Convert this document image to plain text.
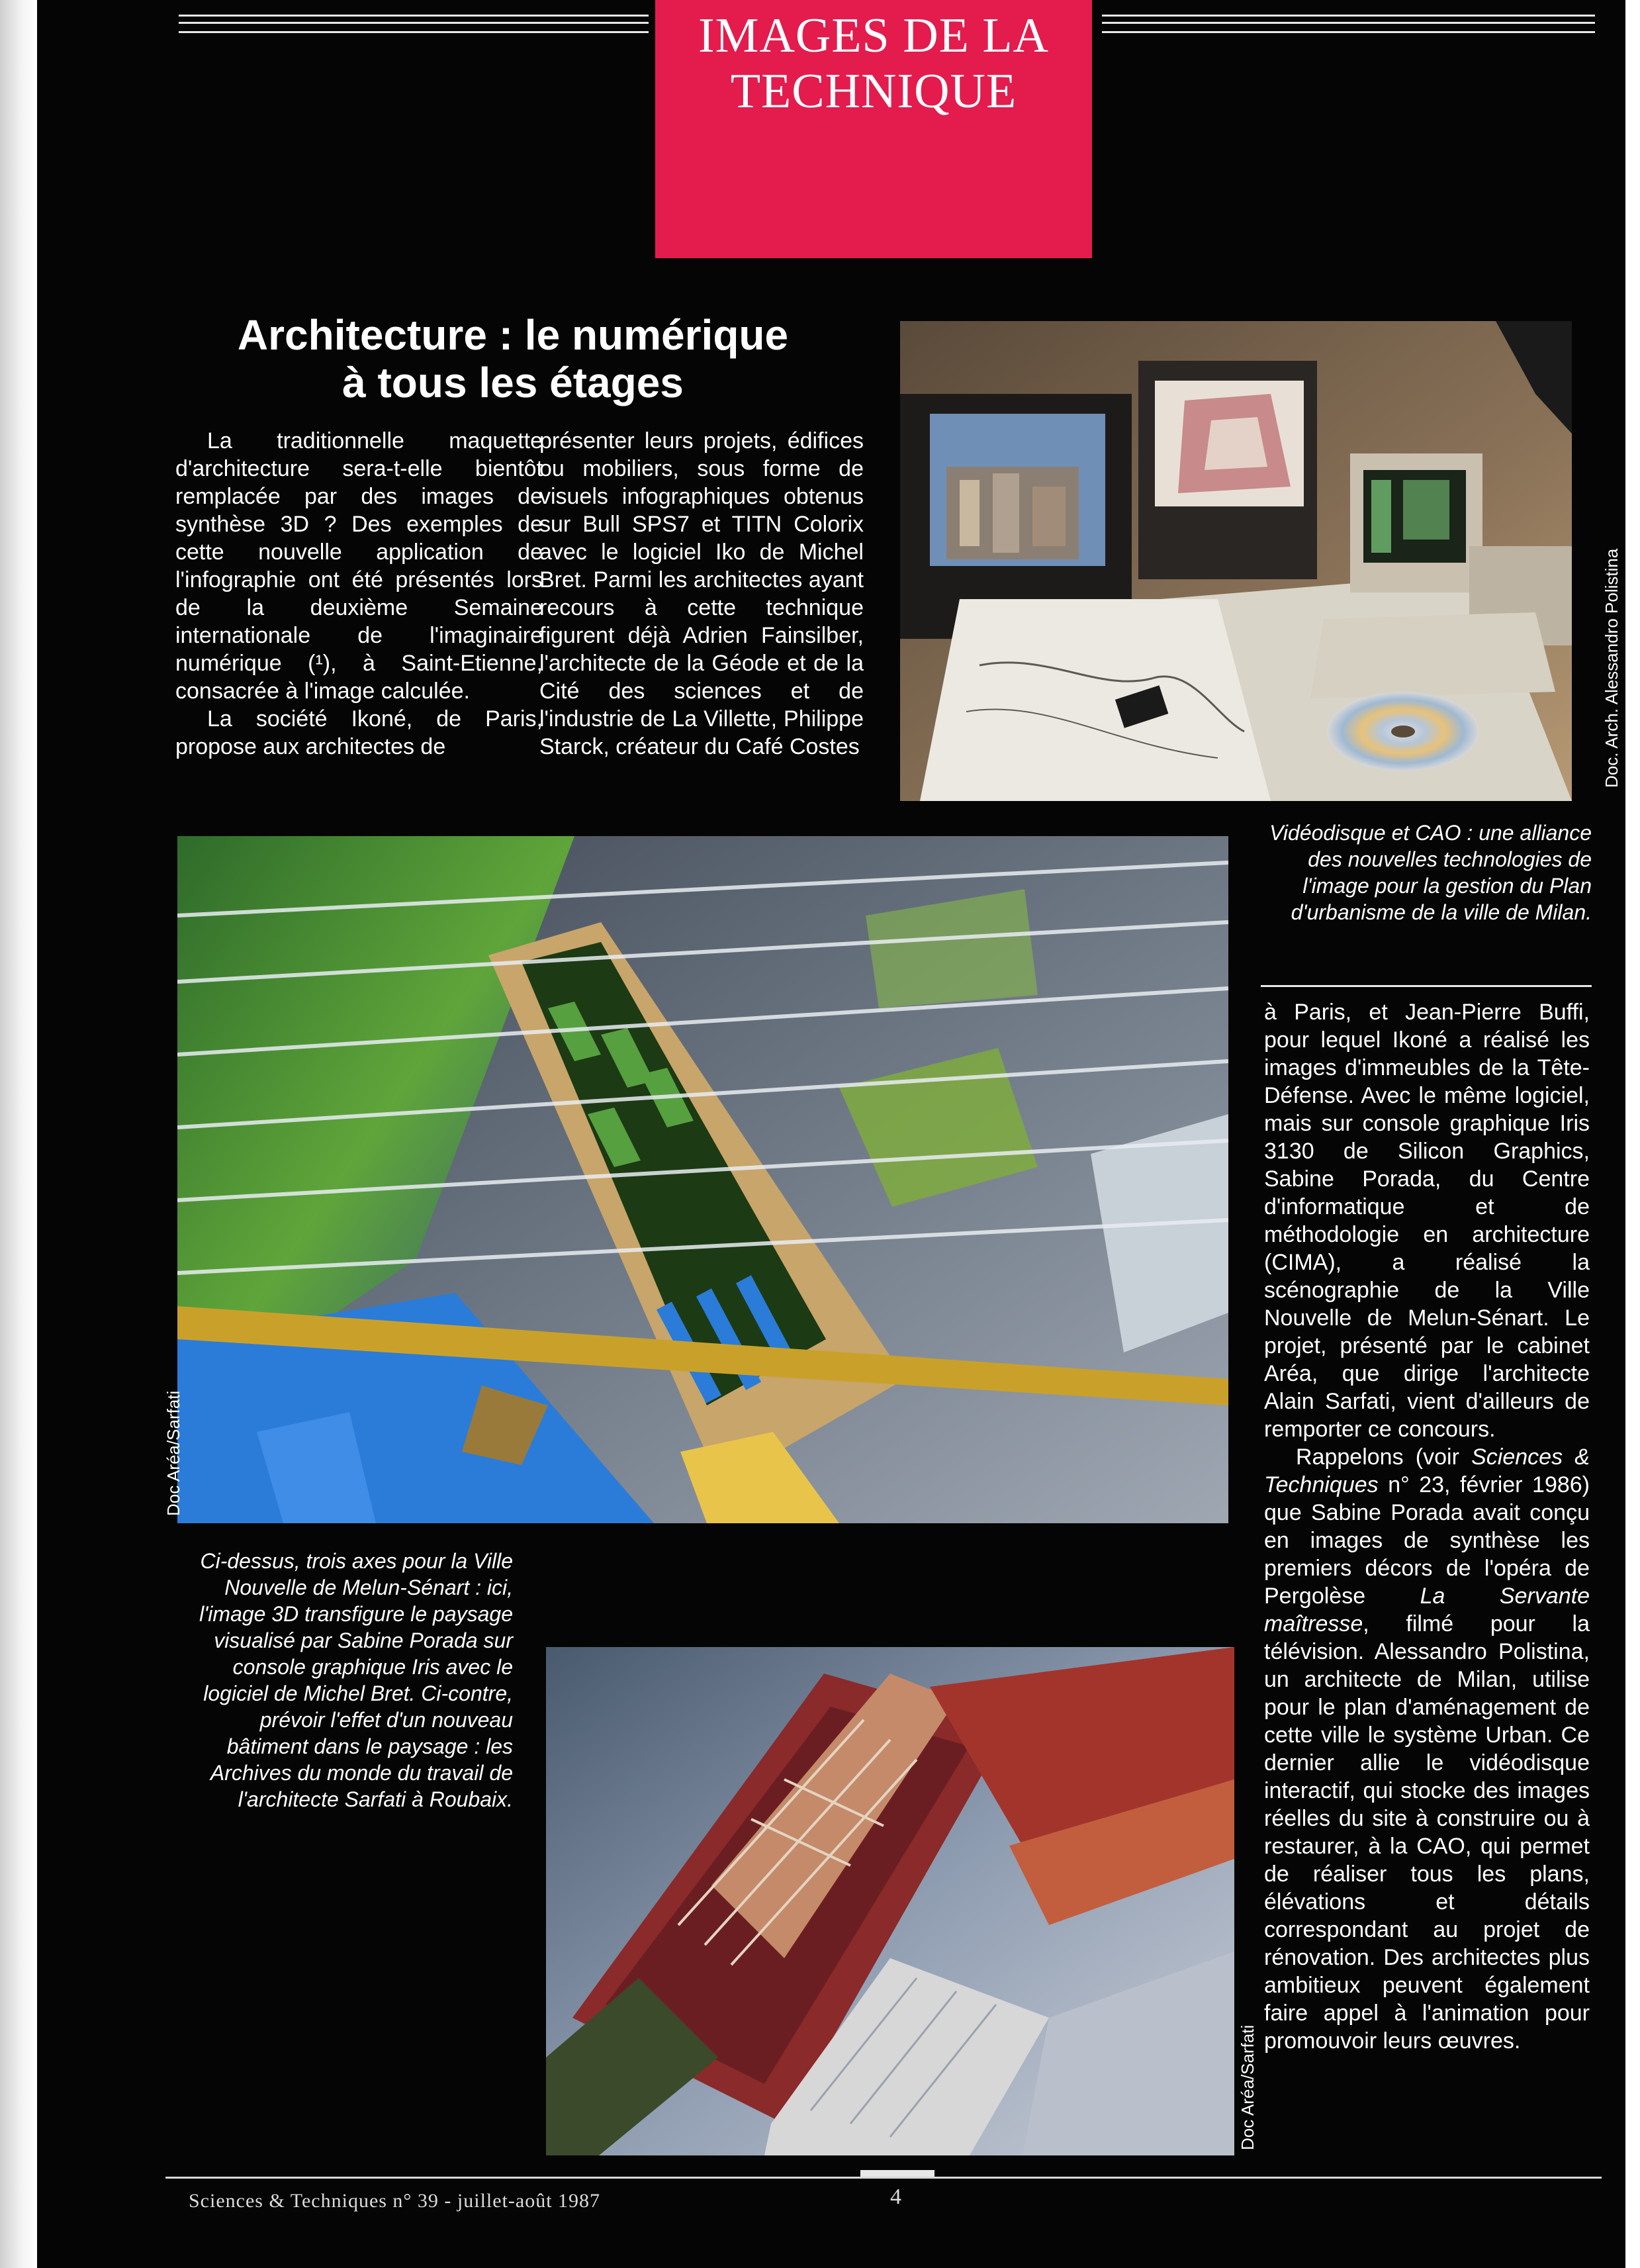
IMAGES DE LA
TECHNIQUE
Architecture : le numérique
à tous les étages

La traditionnelle maquette d'architecture sera-t-elle bientôt remplacée par des images de synthèse 3D ? Des exemples de cette nouvelle application de l'infographie ont été présentés lors de la deuxième Semaine internationale de l'imaginaire numérique (¹), à Saint-Etienne, consacrée à l'image calculée.

La société Ikoné, de Paris, propose aux architectes de

présenter leurs projets, édifices ou mobiliers, sous forme de visuels infographiques obtenus sur Bull SPS7 et TITN Colorix avec le logiciel Iko de Michel Bret. Parmi les architectes ayant recours à cette technique figurent déjà Adrien Fainsilber, l'architecte de la Géode et de la Cité des sciences et de l'industrie de La Villette, Philippe Starck, créateur du Café Costes	Doc. Arch. Alessandro Polistina
Vidéodisque et CAO : une alliance des nouvelles technologies de l'image pour la gestion du Plan d'urbanisme de la ville de Milan.

à Paris, et Jean-Pierre Buffi, pour lequel Ikoné a réalisé les images d'immeubles de la Tête-Défense. Avec le même logiciel, mais sur console graphique Iris 3130 de Silicon Graphics, Sabine Porada, du Centre d'informatique et de méthodologie en architecture (CIMA), a réalisé la scénographie de la Ville Nouvelle de Melun-Sénart. Le projet, présenté par le cabinet Aréa, que dirige l'architecte Alain Sarfati, vient d'ailleurs de remporter ce concours.

Rappelons (voir Sciences & Techniques n° 23, février 1986) que Sabine Porada avait conçu en images de synthèse les premiers décors de l'opéra de Pergolèse La Servante maîtresse, filmé pour la télévision. Alessandro Polistina, un architecte de Milan, utilise pour le plan d'aménagement de cette ville le système Urban. Ce dernier allie le vidéodisque interactif, qui stocke des images réelles du site à construire ou à restaurer, à la CAO, qui permet de réaliser tous les plans, élévations et détails correspondant au projet de rénovation. Des architectes plus ambitieux peuvent également faire appel à l'animation pour promouvoir leurs œuvres.

Doc Aréa/Sarfati
Ci-dessus, trois axes pour la Ville Nouvelle de Melun-Sénart : ici, l'image 3D transfigure le paysage visualisé par Sabine Porada sur console graphique Iris avec le logiciel de Michel Bret. Ci-contre, prévoir l'effet d'un nouveau bâtiment dans le paysage : les Archives du monde du travail de l'architecte Sarfati à Roubaix.
Doc Aréa/Sarfati
Sciences & Techniques n° 39 - juillet-août 1987	4
